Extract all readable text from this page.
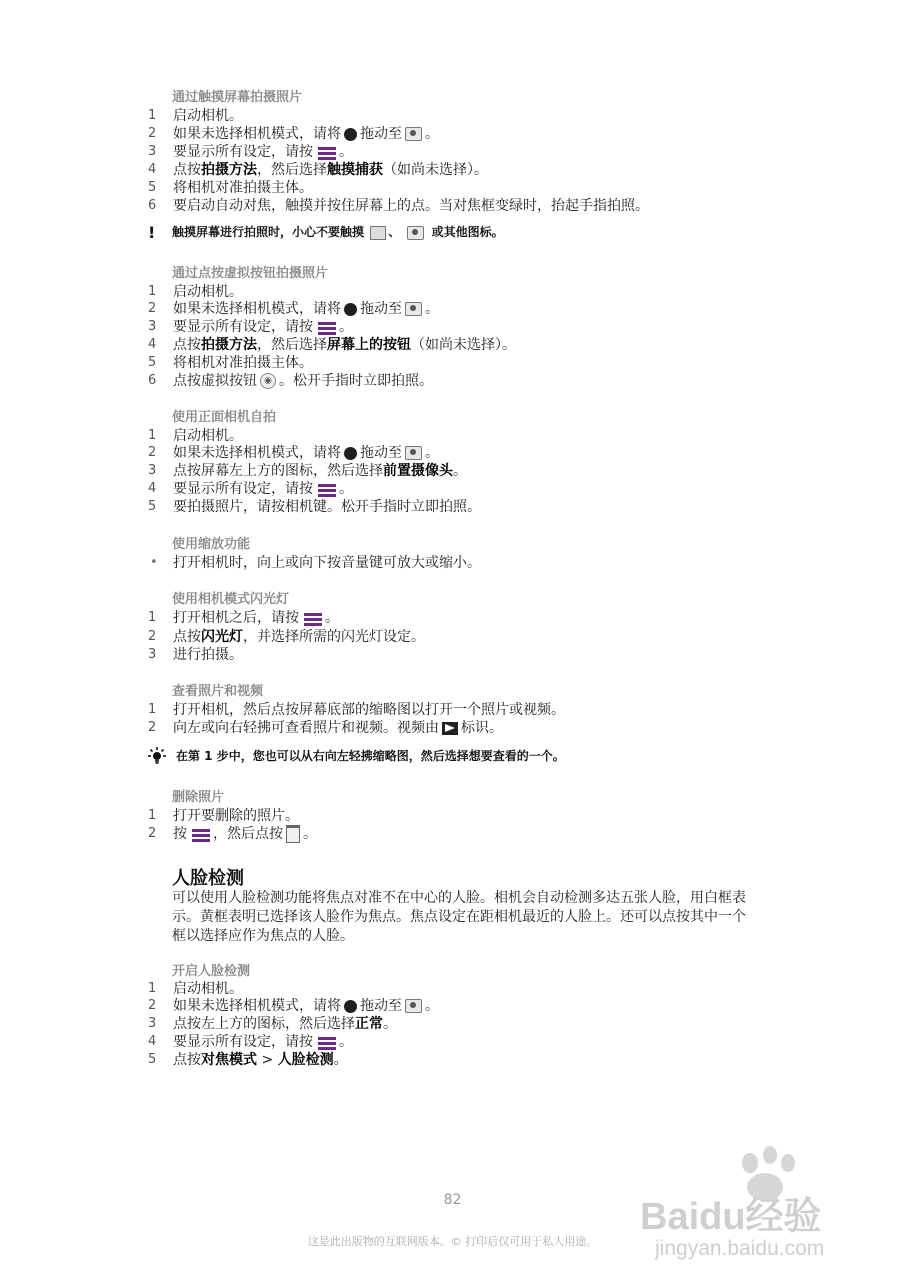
通过触摸屏幕拍摄照片
1	启动相机。
2	如果未选择相机模式，请将 拖动至 。
3	要显示所有设定，请按 。
4	点按拍摄方法，然后选择触摸捕获（如尚未选择）。
5	将相机对准拍摄主体。
6	要启动自动对焦，触摸并按住屏幕上的点。当对焦框变绿时，抬起手指拍照。
! 触摸屏幕进行拍照时，小心不要触摸 、	或其他图标。
通过点按虚拟按钮拍摄照片
1	启动相机。
2	如果未选择相机模式，请将 拖动至 。
3	要显示所有设定，请按 。
4	点按拍摄方法，然后选择屏幕上的按钮（如尚未选择）。
5	将相机对准拍摄主体。
6	点按虚拟按钮 ◉ 。松开手指时立即拍照。
使用正面相机自拍
1	启动相机。
2	如果未选择相机模式，请将 拖动至 。
3	点按屏幕左上方的图标，然后选择前置摄像头。
4	要显示所有设定，请按 。
5	要拍摄照片，请按相机键。松开手指时立即拍照。
使用缩放功能
• 打开相机时，向上或向下按音量键可放大或缩小。
使用相机模式闪光灯
1	打开相机之后，请按 。
2	点按闪光灯，并选择所需的闪光灯设定。
3	进行拍摄。
查看照片和视频
1	打开相机，然后点按屏幕底部的缩略图以打开一个照片或视频。
2	向左或向右轻拂可查看照片和视频。视频由 标识。
在第 1 步中，您也可以从右向左轻拂缩略图，然后选择想要查看的一个。
删除照片
1	打开要删除的照片。
2	按 ，然后点按 。
人脸检测
可以使用人脸检测功能将焦点对准不在中心的人脸。相机会自动检测多达五张人脸，用白框表示。黄框表明已选择该人脸作为焦点。焦点设定在距相机最近的人脸上。还可以点按其中一个框以选择应作为焦点的人脸。
开启人脸检测
1	启动相机。
2	如果未选择相机模式，请将 拖动至 。
3	点按左上方的图标，然后选择正常。
4	要显示所有设定，请按 。
5	点按对焦模式 > 人脸检测。
82
这是此出版物的互联网版本。© 打印后仅可用于私人用途。
Baidu经验
jingyan.baidu.com
